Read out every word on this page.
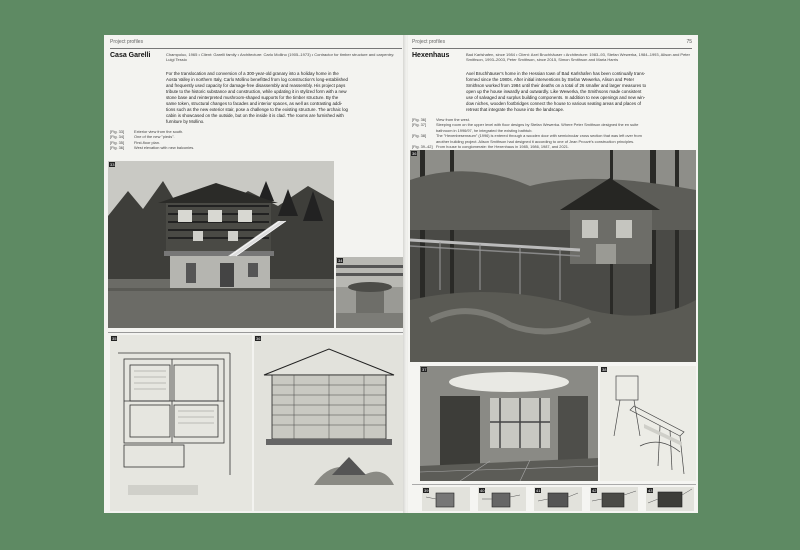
Project profiles
Casa Garelli	Champoluc, 1965 • Client: Garelli family • Architecture: Carlo Mollino (1905–1973) • Contractor for timber structure and carpentry: Luigi Tessio

For the translocation and conversion of a 300-year-old granary into a holiday home in the

Aosta Valley in northern Italy, Carlo Mollino benefitted from log construction's long-established

and frequently used capacity for damage-free disassembly and reassembly. His project pays

tribute to the historic substance and construction, while updating it in stylized form with a new

stone base and reinterpreted mushroom-shaped supports for the timber structure. By the

same token, structural changes to facades and interior spaces, as well as contrasting addi-

tions such as the new exterior stair, pose a challenge to the existing structure. The archaic log

cabin is showcased on the outside, but on the inside it is clad. The rooms are furnished with

furniture by Mollino.

[Fig. 33]	Exterior view from the south.
[Fig. 34]	One of the new "pieds".
[Fig. 35]	First-floor plan.
[Fig. 36]	West elevation with new balconies.
33
34
35	36
Project profiles	75
Hexenhaus	Bad Karlshafen, since 1984 • Client: Axel Bruchhäuser • Architecture: 1983–93, Stefan Wewerka, 1984–1993, Alison and Peter Smithson, 1993–2003, Peter Smithson, since 2015, Simon Smithson and Maria Harris

Axel Bruchhäuser's home in the Hessian town of Bad Karlshafen has been continually trans-

formed since the 1980s. After initial interventions by Stefan Wewerka, Alison and Peter

Smithson worked from 1984 until their deaths on a total of 26 smaller and larger measures to

open up the house inwardly and outwardly. Like Wewerka, the Smithsons made consistent

use of salvaged and surplus building components. In addition to new openings and new win-

dow niches, wooden footbridges connect the house to various seating areas and places of

retreat that integrate the house into the landscape.

[Fig. 36]	View from the west.
[Fig. 37]	Sleeping room on the upper level with floor designs by Stefan Wewerka. Where Peter Smithson designed the en suite
bathroom in 1996/97, he integrated the existing bathtub.
[Fig. 38]	The "Hexenbesenraum" (1996) is entered through a wooden door with semicircular cross section that was left over from
another building project. Alison Smithson had designed it according to one of Jean Prouvé's construction principles.
[Fig. 39–42] From house to conglomerate: the Hexenhaus in 1985, 1986, 1987, and 2021.
36
37	38
39	40	41	42	43
